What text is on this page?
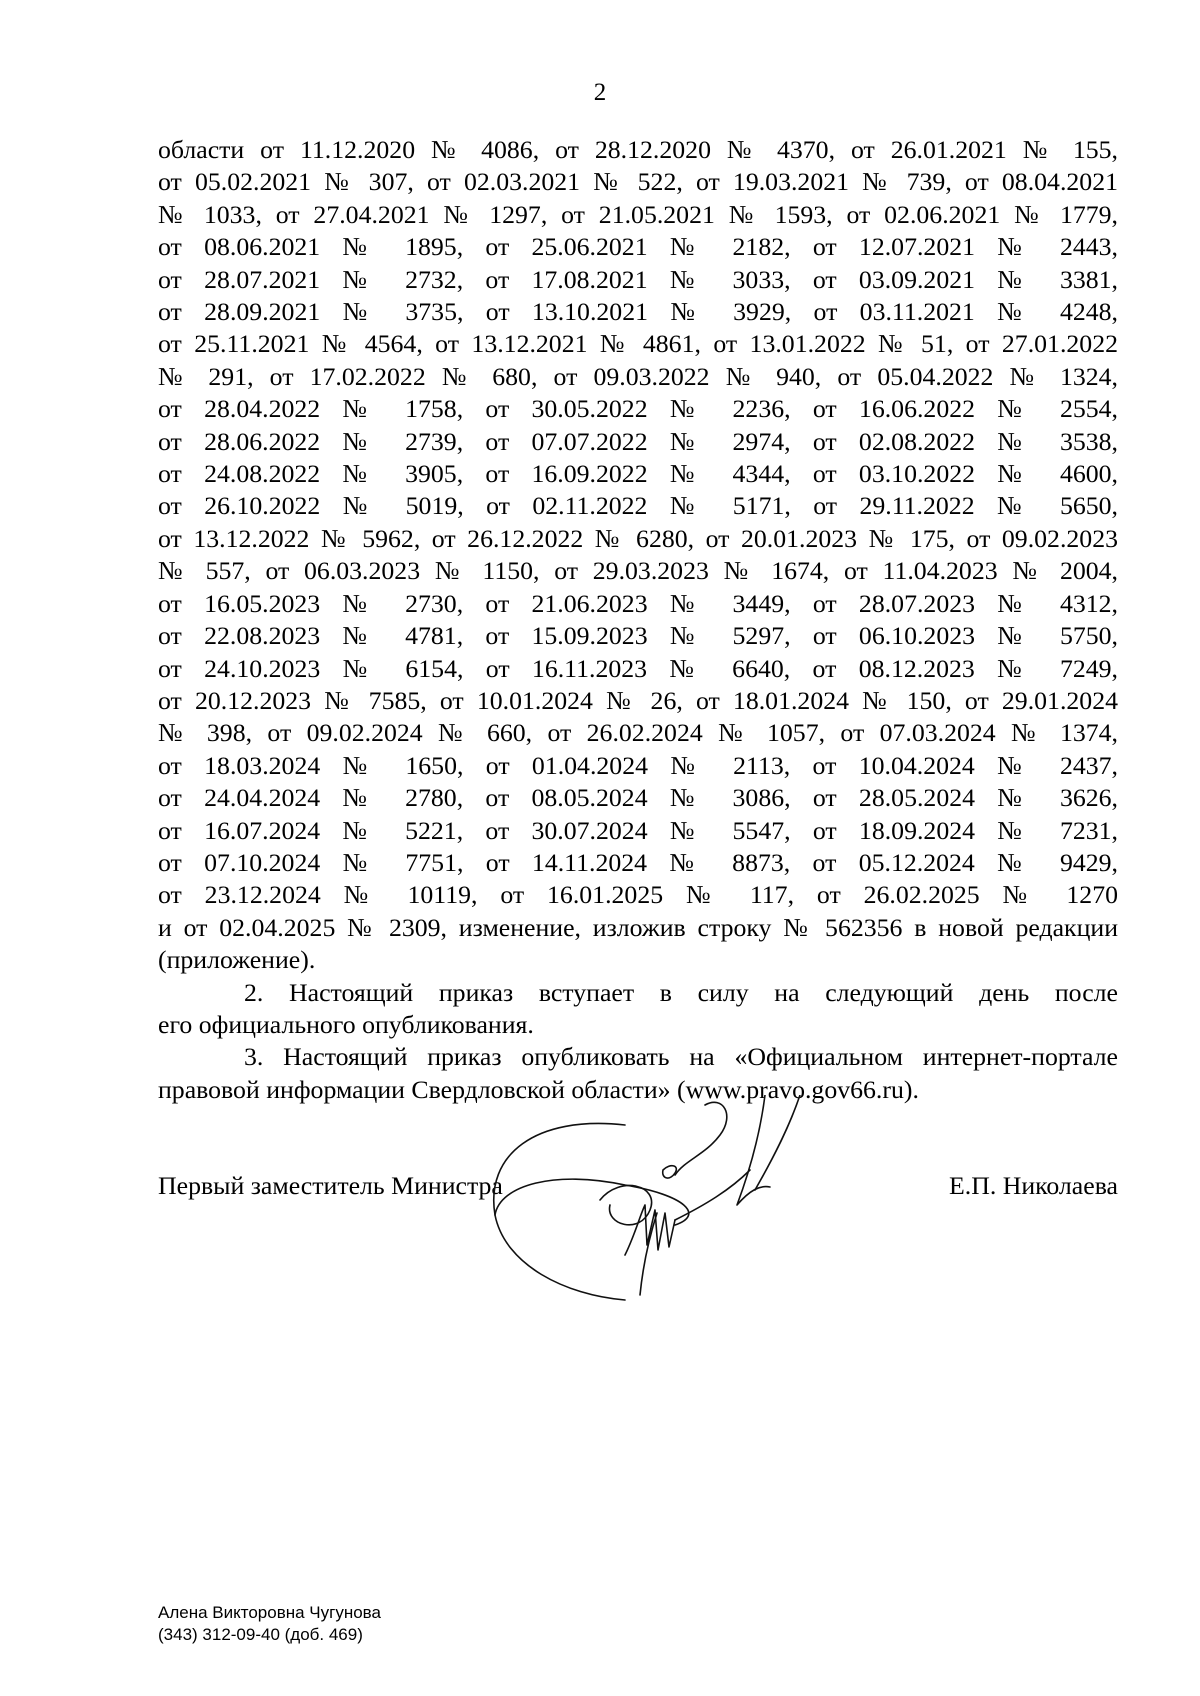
2

области от 11.12.2020 № 4086, от 28.12.2020 № 4370, от 26.01.2021 № 155,

от 05.02.2021 № 307, от 02.03.2021 № 522, от 19.03.2021 № 739, от 08.04.2021

№ 1033, от 27.04.2021 № 1297, от 21.05.2021 № 1593, от 02.06.2021 № 1779,

от 08.06.2021 № 1895, от 25.06.2021 № 2182, от 12.07.2021 № 2443,

от 28.07.2021 № 2732, от 17.08.2021 № 3033, от 03.09.2021 № 3381,

от 28.09.2021 № 3735, от 13.10.2021 № 3929, от 03.11.2021 № 4248,

от 25.11.2021 № 4564, от 13.12.2021 № 4861, от 13.01.2022 № 51, от 27.01.2022

№ 291, от 17.02.2022 № 680, от 09.03.2022 № 940, от 05.04.2022 № 1324,

от 28.04.2022 № 1758, от 30.05.2022 № 2236, от 16.06.2022 № 2554,

от 28.06.2022 № 2739, от 07.07.2022 № 2974, от 02.08.2022 № 3538,

от 24.08.2022 № 3905, от 16.09.2022 № 4344, от 03.10.2022 № 4600,

от 26.10.2022 № 5019, от 02.11.2022 № 5171, от 29.11.2022 № 5650,

от 13.12.2022 № 5962, от 26.12.2022 № 6280, от 20.01.2023 № 175, от 09.02.2023

№ 557, от 06.03.2023 № 1150, от 29.03.2023 № 1674, от 11.04.2023 № 2004,

от 16.05.2023 № 2730, от 21.06.2023 № 3449, от 28.07.2023 № 4312,

от 22.08.2023 № 4781, от 15.09.2023 № 5297, от 06.10.2023 № 5750,

от 24.10.2023 № 6154, от 16.11.2023 № 6640, от 08.12.2023 № 7249,

от 20.12.2023 № 7585, от 10.01.2024 № 26, от 18.01.2024 № 150, от 29.01.2024

№ 398, от 09.02.2024 № 660, от 26.02.2024 № 1057, от 07.03.2024 № 1374,

от 18.03.2024 № 1650, от 01.04.2024 № 2113, от 10.04.2024 № 2437,

от 24.04.2024 № 2780, от 08.05.2024 № 3086, от 28.05.2024 № 3626,

от 16.07.2024 № 5221, от 30.07.2024 № 5547, от 18.09.2024 № 7231,

от 07.10.2024 № 7751, от 14.11.2024 № 8873, от 05.12.2024 № 9429,

от 23.12.2024 № 10119, от 16.01.2025 № 117, от 26.02.2025 № 1270

и от 02.04.2025 № 2309, изменение, изложив строку № 562356 в новой редакции

(приложение).

2. Настоящий приказ вступает в силу на следующий день после

его официального опубликования.

3. Настоящий приказ опубликовать на «Официальном интернет-портале

правовой информации Свердловской области» (www.pravo.gov66.ru).

Первый заместитель Министра	Е.П. Николаева
Алена Викторовна Чугунова
(343) 312-09-40 (доб. 469)
